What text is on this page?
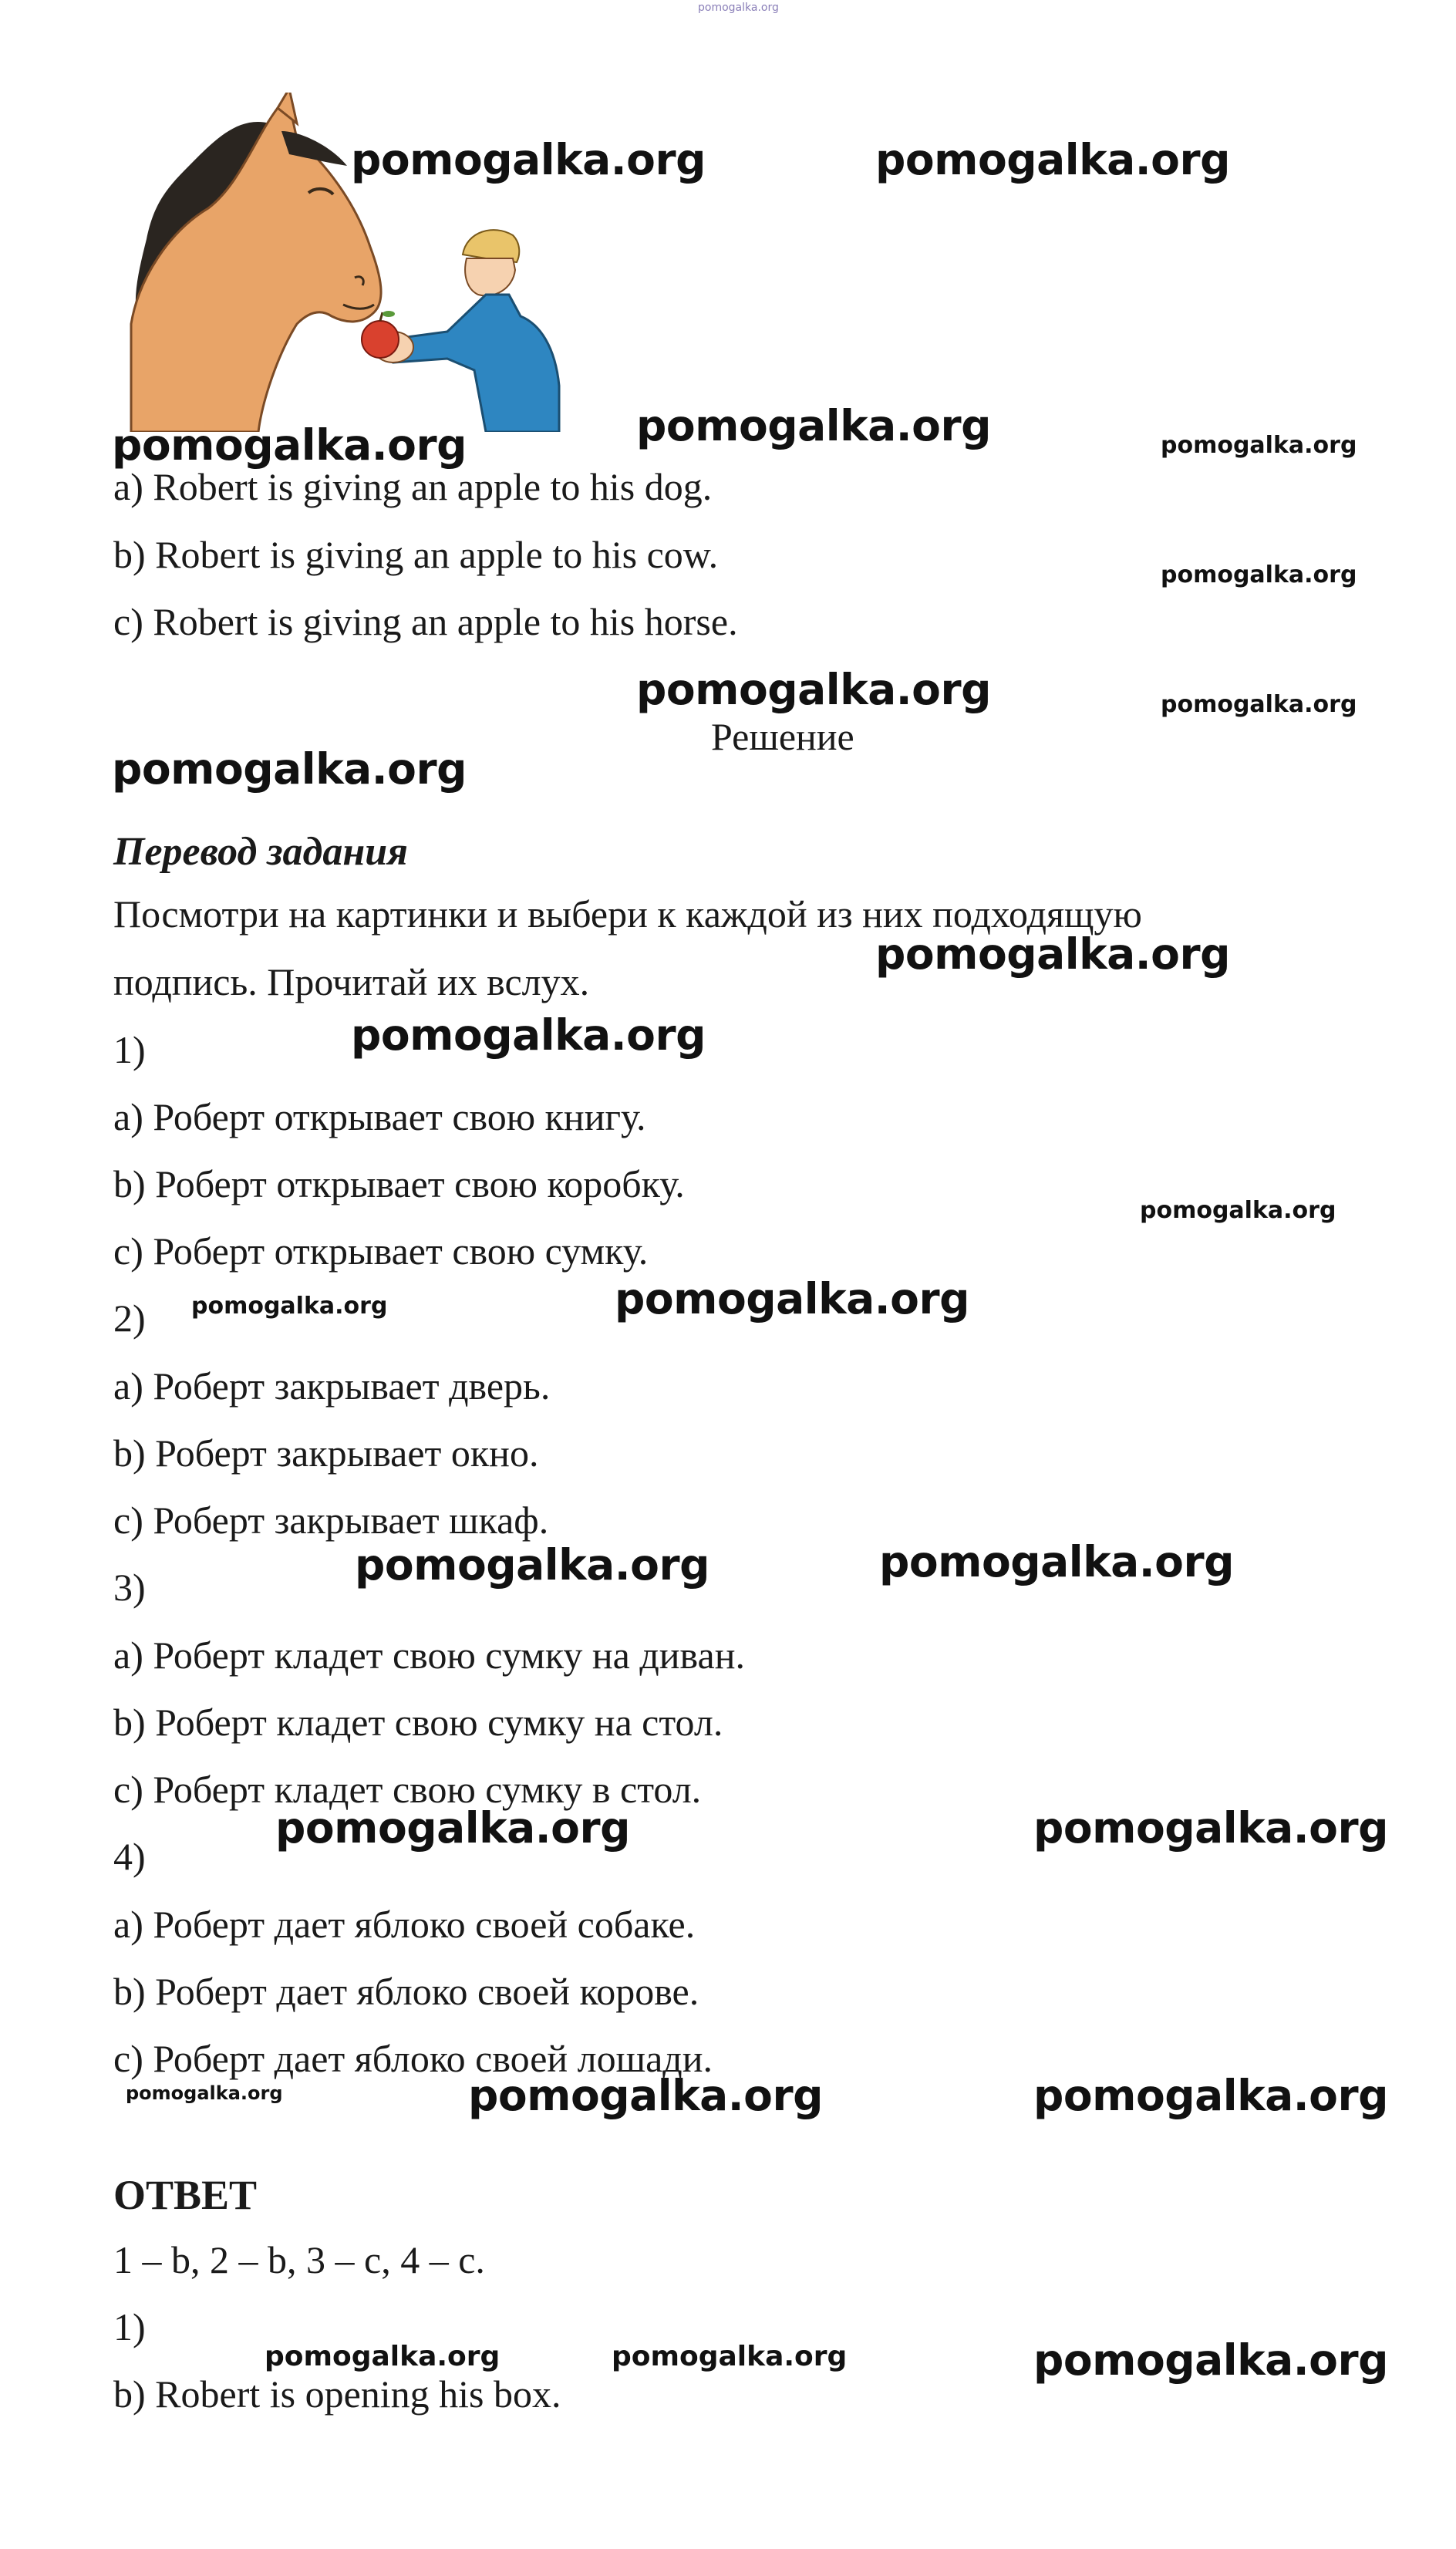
pomogalka.org
pomogalka.org	pomogalka.org
pomogalka.org	pomogalka.org	pomogalka.org
pomogalka.org
pomogalka.org	pomogalka.org
pomogalka.org
pomogalka.org
pomogalka.org
pomogalka.org
pomogalka.org	pomogalka.org
pomogalka.org	pomogalka.org
pomogalka.org	pomogalka.org
pomogalka.org	pomogalka.org	pomogalka.org
pomogalka.org	pomogalka.org	pomogalka.org
a) Robert is giving an apple to his dog.
b) Robert is giving an apple to his cow.
c) Robert is giving an apple to his horse.
Решение
Перевод задания
Посмотри на картинки и выбери к каждой из них подходящую
подпись. Прочитай их вслух.
1)
a) Роберт открывает свою книгу.
b) Роберт открывает свою коробку.
c) Роберт открывает свою сумку.
2)
a) Роберт закрывает дверь.
b) Роберт закрывает окно.
c) Роберт закрывает шкаф.
3)
a) Роберт кладет свою сумку на диван.
b) Роберт кладет свою сумку на стол.
c) Роберт кладет свою сумку в стол.
4)
a) Роберт дает яблоко своей собаке.
b) Роберт дает яблоко своей корове.
c) Роберт дает яблоко своей лошади.
ОТВЕТ
1 – b, 2 – b, 3 – c, 4 – c.
1)
b) Robert is opening his box.
